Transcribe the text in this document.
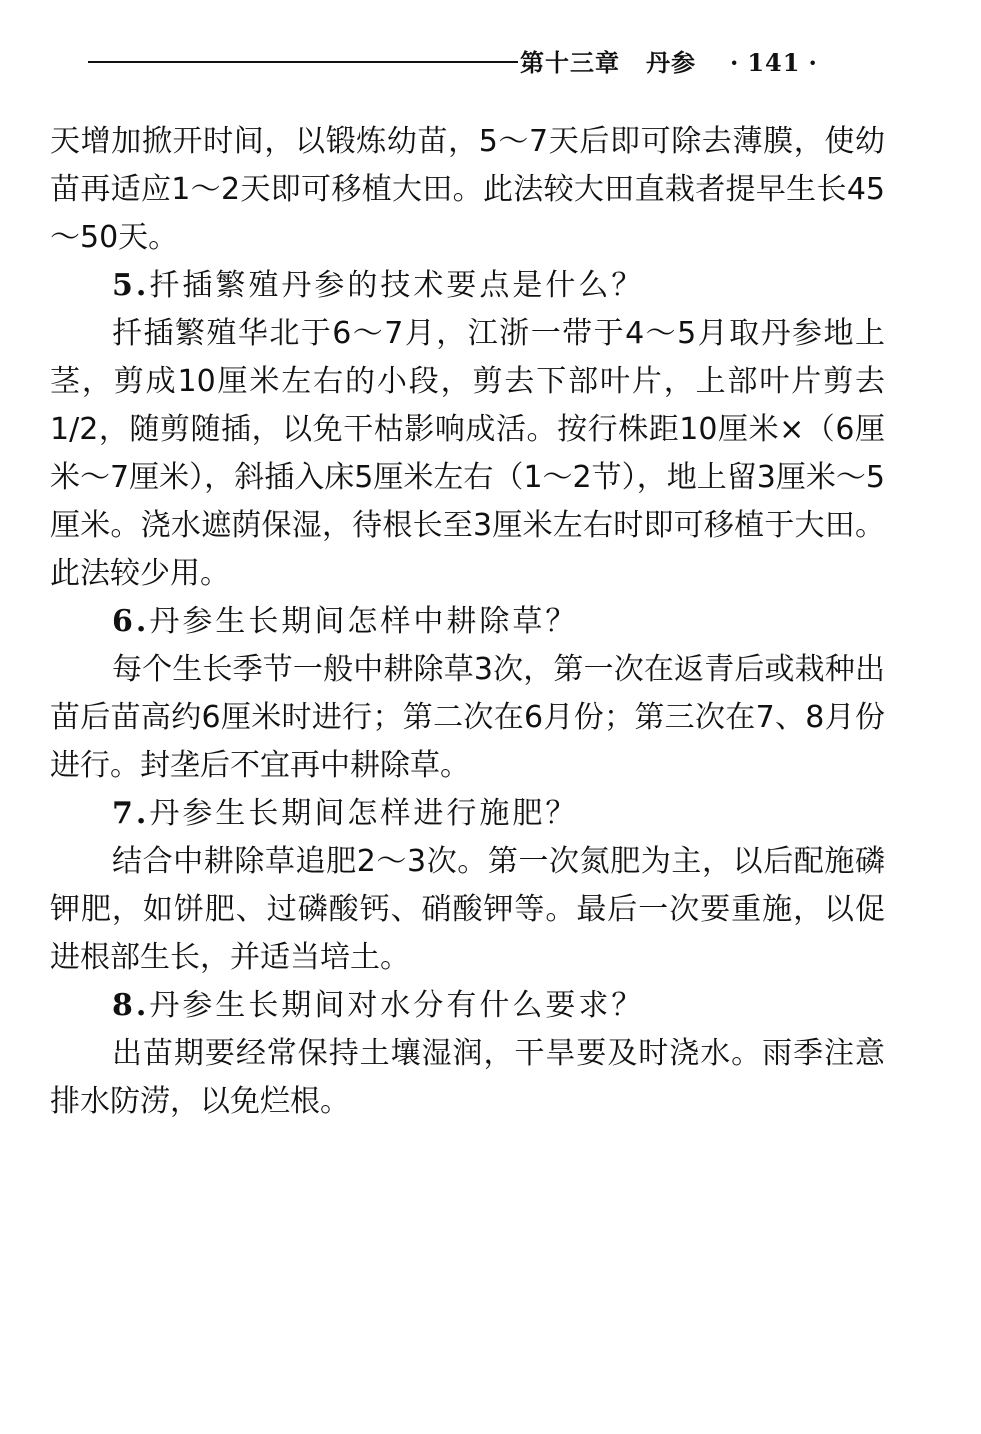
第十三章 丹参 · 141 ·

天增加掀开时间，以锻炼幼苗，5～7天后即可除去薄膜，使幼苗再适应1～2天即可移植大田。此法较大田直栽者提早生长45～50天。

5.扦插繁殖丹参的技术要点是什么？

扦插繁殖华北于6～7月，江浙一带于4～5月取丹参地上茎，剪成10厘米左右的小段，剪去下部叶片，上部叶片剪去1/2，随剪随插，以免干枯影响成活。按行株距10厘米×（6厘米～7厘米），斜插入床5厘米左右（1～2节），地上留3厘米～5厘米。浇水遮荫保湿，待根长至3厘米左右时即可移植于大田。此法较少用。

6.丹参生长期间怎样中耕除草？

每个生长季节一般中耕除草3次，第一次在返青后或栽种出苗后苗高约6厘米时进行；第二次在6月份；第三次在7、8月份进行。封垄后不宜再中耕除草。

7.丹参生长期间怎样进行施肥？

结合中耕除草追肥2～3次。第一次氮肥为主，以后配施磷钾肥，如饼肥、过磷酸钙、硝酸钾等。最后一次要重施，以促进根部生长，并适当培土。

8.丹参生长期间对水分有什么要求？

出苗期要经常保持土壤湿润，干旱要及时浇水。雨季注意排水防涝，以免烂根。
